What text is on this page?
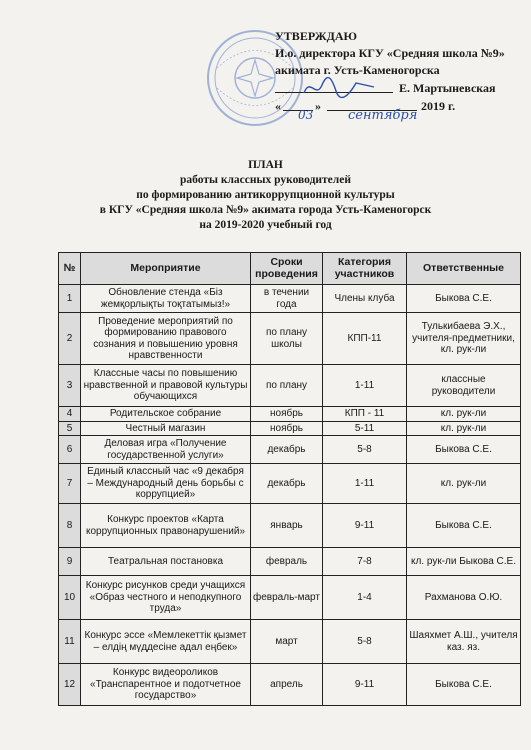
УТВЕРЖДАЮ
И.о. директора КГУ «Средняя школа №9»
акимата г. Усть-Каменогорска
Е. Мартыневская
«	»	2019 г.
03	сентября
ПЛАН
работы классных руководителей
по формированию антикоррупционной культуры
в КГУ «Средняя школа №9» акимата города Усть-Каменогорск
на 2019-2020 учебный год
№	Мероприятие	Сроки проведения	Категория участников	Ответственные
1	Обновление стенда «Біз жемқорлықты тоқтатымыз!»	в течении года	Члены клуба	Быкова С.Е.
2	Проведение мероприятий по формированию правового сознания и повышению уровня нравственности	по плану школы	КПП-11	Тулькибаева Э.Х., учителя-предметники, кл. рук-ли
3	Классные часы по повышению нравственной и правовой культуры обучающихся	по плану	1-11	классные руководители
4	Родительское собрание	ноябрь	КПП - 11	кл. рук-ли
5	Честный магазин	ноябрь	5-11	кл. рук-ли
6	Деловая игра «Получение государственной услуги»	декабрь	5-8	Быкова С.Е.
7	Единый классный час «9 декабря – Международный день борьбы с коррупцией»	декабрь	1-11	кл. рук-ли
8	Конкурс проектов «Карта коррупционных правонарушений»	январь	9-11	Быкова С.Е.
9	Театральная постановка	февраль	7-8	кл. рук-ли Быкова С.Е.
10	Конкурс рисунков среди учащихся «Образ честного и неподкупного труда»	февраль-март	1-4	Рахманова О.Ю.
11	Конкурс эссе «Мемлекеттік қызмет – елдің мүддесіне адал еңбек»	март	5-8	Шаяхмет А.Ш., учителя каз. яз.
12	Конкурс видеороликов «Транспарентное и подотчетное государство»	апрель	9-11	Быкова С.Е.
